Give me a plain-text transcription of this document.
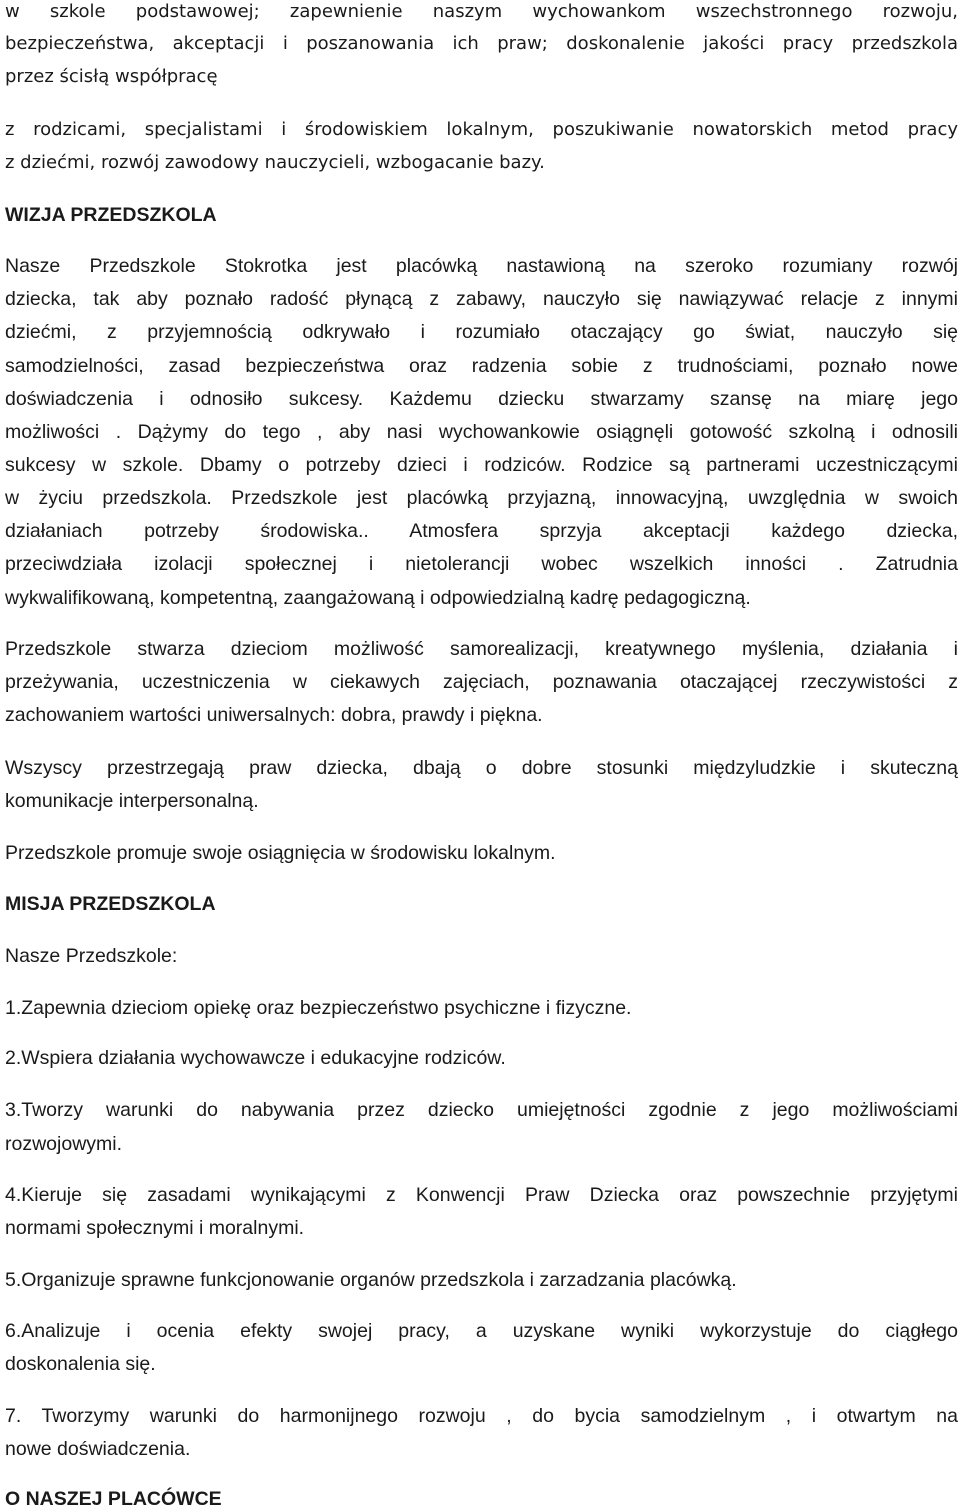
w szkole podstawowej; zapewnienie naszym wychowankom wszechstronnego rozwoju,
bezpieczeństwa, akceptacji i poszanowania ich praw; doskonalenie jakości pracy przedszkola
przez ścisłą współpracę
z rodzicami, specjalistami i środowiskiem lokalnym, poszukiwanie nowatorskich metod pracy
z dziećmi, rozwój zawodowy nauczycieli, wzbogacanie bazy.
WIZJA PRZEDSZKOLA
Nasze Przedszkole Stokrotka jest placówką nastawioną na szeroko rozumiany rozwój
dziecka, tak aby poznało radość płynącą z zabawy, nauczyło się nawiązywać relacje z innymi
dziećmi, z przyjemnością odkrywało i rozumiało otaczający go świat, nauczyło się
samodzielności, zasad bezpieczeństwa oraz radzenia sobie z trudnościami, poznało nowe
doświadczenia i odnosiło sukcesy. Każdemu dziecku stwarzamy szansę na miarę jego
możliwości . Dążymy do tego , aby nasi wychowankowie osiągnęli gotowość szkolną i odnosili
sukcesy w szkole. Dbamy o potrzeby dzieci i rodziców. Rodzice są partnerami uczestniczącymi
w życiu przedszkola. Przedszkole jest placówką przyjazną, innowacyjną, uwzględnia w swoich
działaniach potrzeby środowiska.. Atmosfera sprzyja akceptacji każdego dziecka,
przeciwdziała izolacji społecznej i nietolerancji wobec wszelkich inności . Zatrudnia
wykwalifikowaną, kompetentną, zaangażowaną i odpowiedzialną kadrę pedagogiczną.
Przedszkole stwarza dzieciom możliwość samorealizacji, kreatywnego myślenia, działania i
przeżywania, uczestniczenia w ciekawych zajęciach, poznawania otaczającej rzeczywistości z
zachowaniem wartości uniwersalnych: dobra, prawdy i piękna.
Wszyscy przestrzegają praw dziecka, dbają o dobre stosunki międzyludzkie i skuteczną
komunikacje interpersonalną.
Przedszkole promuje swoje osiągnięcia w środowisku lokalnym.
MISJA PRZEDSZKOLA
Nasze Przedszkole:
1.Zapewnia dzieciom opiekę oraz bezpieczeństwo psychiczne i fizyczne.
2.Wspiera działania wychowawcze i edukacyjne rodziców.
3.Tworzy warunki do nabywania przez dziecko umiejętności zgodnie z jego możliwościami
rozwojowymi.
4.Kieruje się zasadami wynikającymi z Konwencji Praw Dziecka oraz powszechnie przyjętymi
normami społecznymi i moralnymi.
5.Organizuje sprawne funkcjonowanie organów przedszkola i zarzadzania placówką.
6.Analizuje i ocenia efekty swojej pracy, a uzyskane wyniki wykorzystuje do ciągłego
doskonalenia się.
7. Tworzymy warunki do harmonijnego rozwoju , do bycia samodzielnym , i otwartym na
nowe doświadczenia.
O NASZEJ PLACÓWCE
